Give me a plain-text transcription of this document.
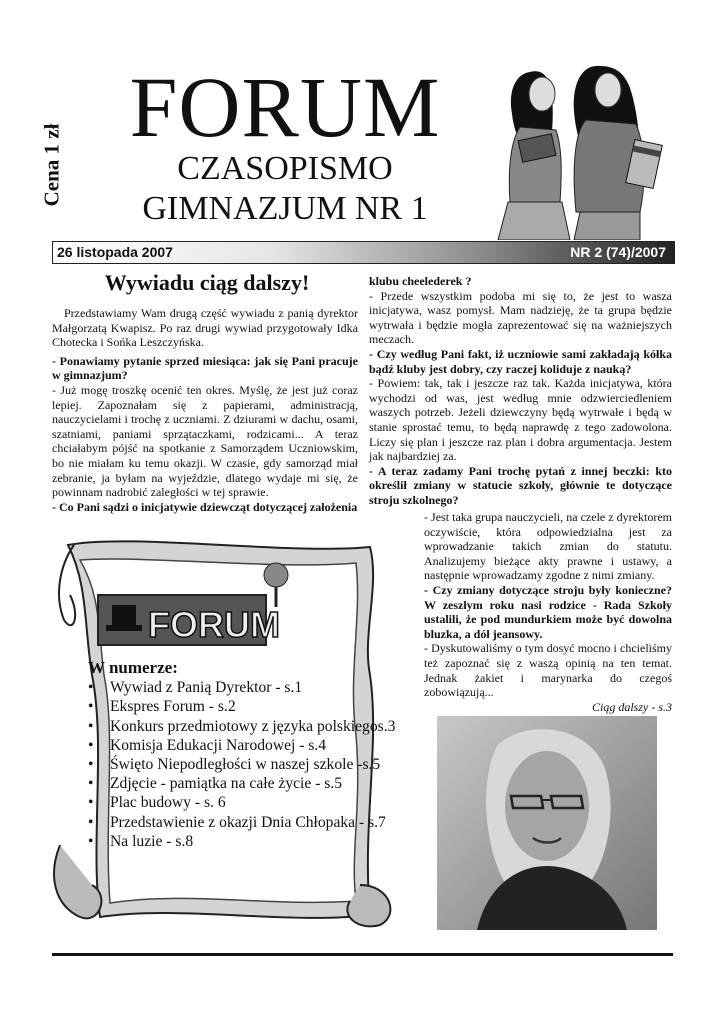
Cena 1 zł
FORUM
CZASOPISMO
GIMNAZJUM NR 1
26 listopada 2007	NR 2 (74)/2007
Wywiadu ciąg dalszy!

Przedstawiamy Wam drugą część wywiadu z panią dyrektor Małgorzatą Kwapisz. Po raz drugi wywiad przygotowały Idka Chotecka i Sońka Leszczyńska.

- Ponawiamy pytanie sprzed miesiąca: jak się Pani pracuje w gimnazjum?

- Już mogę troszkę ocenić ten okres. Myślę, że jest już coraz lepiej. Zapoznałam się z papierami, administracją, nauczycielami i trochę z uczniami. Z dziurami w dachu, osami, szatniami, paniami sprzątaczkami, rodzicami... A teraz chciałabym pójść na spotkanie z Samorządem Uczniowskim, bo nie miałam ku temu okazji. W czasie, gdy samorząd miał zebranie, ja byłam na wyjeździe, dlatego wydaje mi się, że powinnam nadrobić zaległości w tej sprawie.

- Co Pani sądzi o inicjatywie dziewcząt dotyczącej założenia

klubu cheelederek ?

- Przede wszystkim podoba mi się to, że jest to wasza inicjatywa, wasz pomysł. Mam nadzieję, że ta grupa będzie wytrwała i będzie mogła zaprezentować się na ważniejszych meczach.

- Czy według Pani fakt, iż uczniowie sami zakładają kółka bądź kluby jest dobry, czy raczej koliduje z nauką?

- Powiem: tak, tak i jeszcze raz tak. Każda inicjatywa, która wychodzi od was, jest według mnie odzwierciedleniem waszych potrzeb. Jeżeli dziewczyny będą wytrwałe i będą w stanie sprostać temu, to będą naprawdę z tego zadowolona. Liczy się plan i jeszcze raz plan i dobra argumentacja. Jestem jak najbardziej za.

- A teraz zadamy Pani trochę pytań z innej beczki: kto określił zmiany w statucie szkoły, głównie te dotyczące stroju szkolnego?

- Jest taka grupa nauczycieli, na czele z dyrektorem oczywiście, która odpowiedzialna jest za wprowadzanie takich zmian do statutu. Analizujemy bieżące akty prawne i ustawy, a następnie wprowadzamy zgodne z nimi zmiany.

- Czy zmiany dotyczące stroju były konieczne? W zeszłym roku nasi rodzice - Rada Szkoły ustalili, że pod mundurkiem może być dowolna bluzka, a dół jeansowy.

- Dyskutowaliśmy o tym dosyć mocno i chcieliśmy też zapoznać się z waszą opinią na ten temat. Jednak żakiet i marynarka do czegoś zobowiązują...

Ciąg dalszy - s.3

FORUM
W numerze:
• Wywiad z Panią Dyrektor - s.1
• Ekspres Forum - s.2
• Konkurs przedmiotowy z języka polskiegos.3
• Komisja Edukacji Narodowej - s.4
• Święto Niepodległości w naszej szkole -s.5
• Zdjęcie - pamiątka na całe życie - s.5
• Plac budowy - s. 6
• Przedstawienie z okazji Dnia Chłopaka - s.7
• Na luzie - s.8
